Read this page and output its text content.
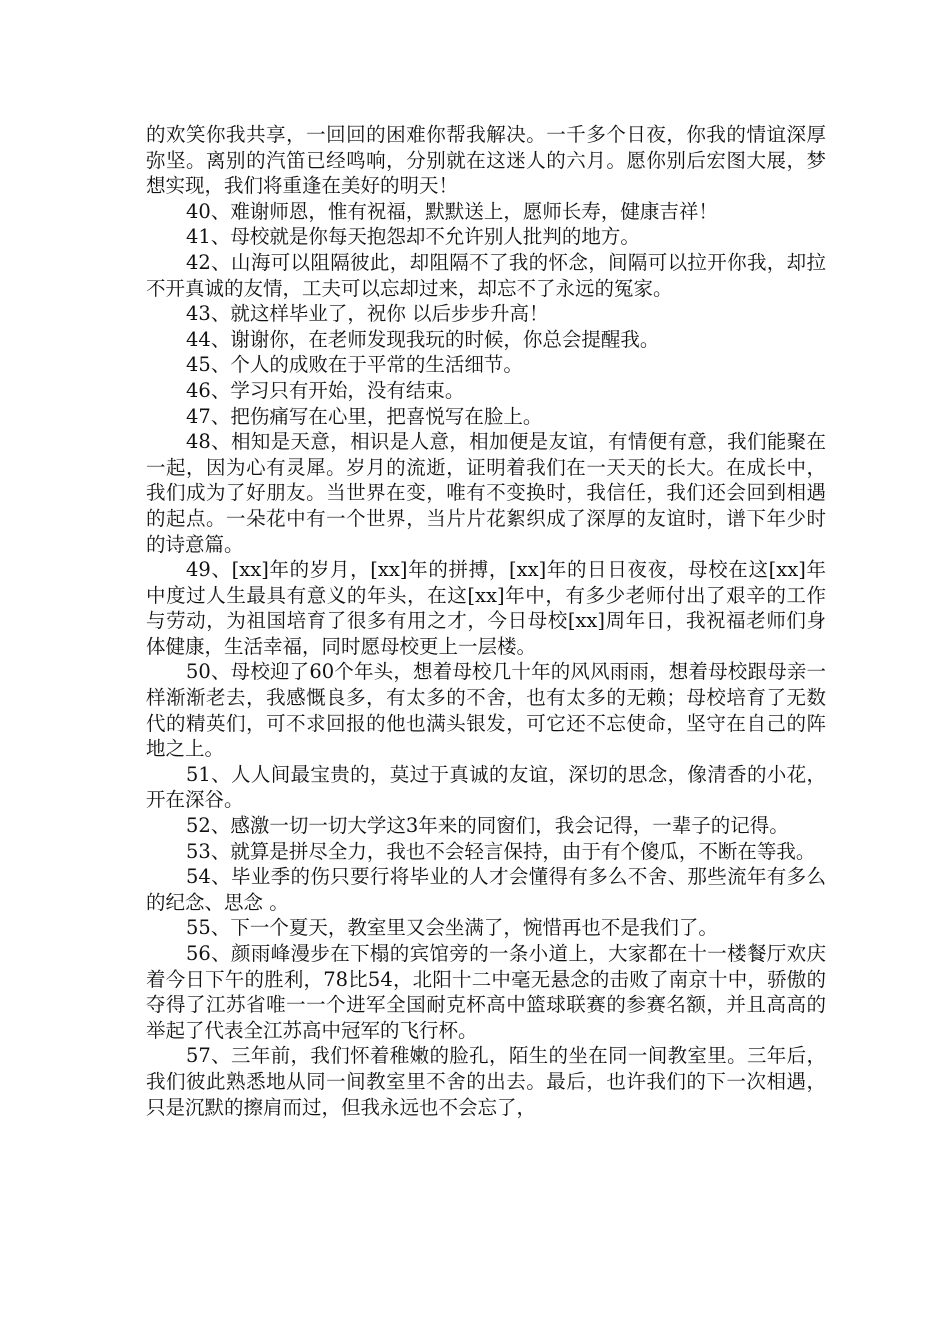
的欢笑你我共享，一回回的困难你帮我解决。一千多个日夜，你我的情谊深厚弥坚。离别的汽笛已经鸣响，分别就在这迷人的六月。愿你别后宏图大展，梦想实现，我们将重逢在美好的明天！

40、难谢师恩，惟有祝福，默默送上，愿师长寿，健康吉祥！

41、母校就是你每天抱怨却不允许别人批判的地方。

42、山海可以阻隔彼此，却阻隔不了我的怀念，间隔可以拉开你我，却拉不开真诚的友情，工夫可以忘却过来，却忘不了永远的冤家。

43、就这样毕业了，祝你 以后步步升高！

44、谢谢你，在老师发现我玩的时候，你总会提醒我。

45、个人的成败在于平常的生活细节。

46、学习只有开始，没有结束。

47、把伤痛写在心里，把喜悦写在脸上。

48、相知是天意，相识是人意，相加便是友谊，有情便有意，我们能聚在一起，因为心有灵犀。岁月的流逝，证明着我们在一天天的长大。在成长中，我们成为了好朋友。当世界在变，唯有不变换时，我信任，我们还会回到相遇的起点。一朵花中有一个世界，当片片花絮织成了深厚的友谊时，谱下年少时的诗意篇。

49、[xx]年的岁月，[xx]年的拼搏，[xx]年的日日夜夜，母校在这[xx]年中度过人生最具有意义的年头，在这[xx]年中，有多少老师付出了艰辛的工作与劳动，为祖国培育了很多有用之才，今日母校[xx]周年日，我祝福老师们身体健康，生活幸福，同时愿母校更上一层楼。

50、母校迎了60个年头，想着母校几十年的风风雨雨，想着母校跟母亲一样渐渐老去，我感慨良多，有太多的不舍，也有太多的无赖；母校培育了无数代的精英们，可不求回报的他也满头银发，可它还不忘使命，坚守在自己的阵地之上。

51、人人间最宝贵的，莫过于真诚的友谊，深切的思念，像清香的小花，开在深谷。

52、感激一切一切大学这3年来的同窗们，我会记得，一辈子的记得。

53、就算是拼尽全力，我也不会轻言保持，由于有个傻瓜，不断在等我。

54、毕业季的伤只要行将毕业的人才会懂得有多么不舍、那些流年有多么的纪念、思念 。

55、下一个夏天，教室里又会坐满了，惋惜再也不是我们了。

56、颜雨峰漫步在下榻的宾馆旁的一条小道上，大家都在十一楼餐厅欢庆着今日下午的胜利，78比54，北阳十二中毫无悬念的击败了南京十中，骄傲的夺得了江苏省唯一一个进军全国耐克杯高中篮球联赛的参赛名额，并且高高的举起了代表全江苏高中冠军的飞行杯。

57、三年前，我们怀着稚嫩的脸孔，陌生的坐在同一间教室里。三年后，我们彼此熟悉地从同一间教室里不舍的出去。最后，也许我们的下一次相遇，只是沉默的擦肩而过，但我永远也不会忘了，
